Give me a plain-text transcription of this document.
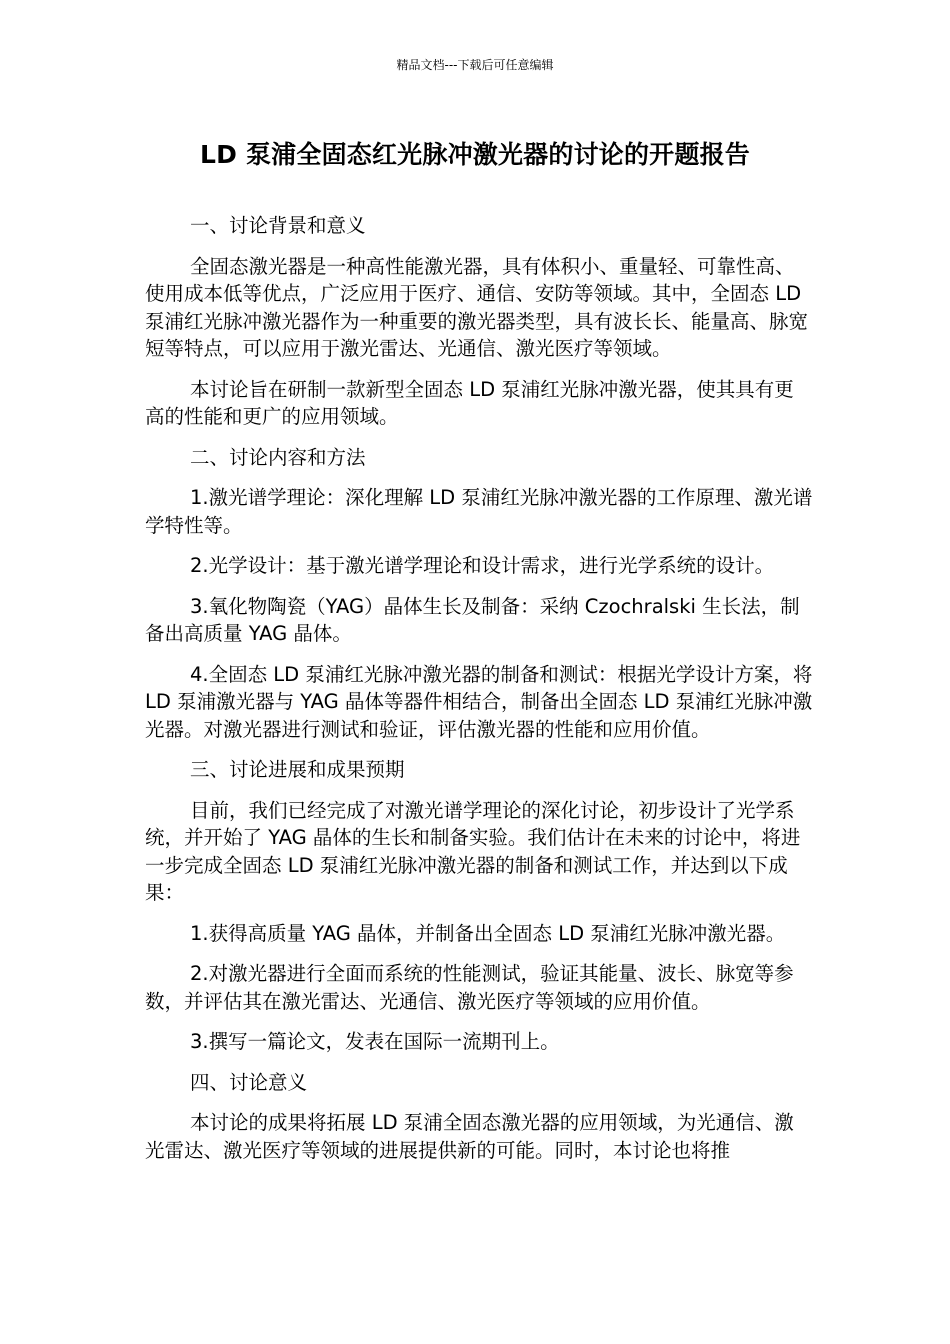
精品文档---下载后可任意编辑
LD 泵浦全固态红光脉冲激光器的讨论的开题报告

一、讨论背景和意义

全固态激光器是一种高性能激光器，具有体积小、重量轻、可靠性高、使用成本低等优点，广泛应用于医疗、通信、安防等领域。其中，全固态 LD 泵浦红光脉冲激光器作为一种重要的激光器类型，具有波长长、能量高、脉宽短等特点，可以应用于激光雷达、光通信、激光医疗等领域。

本讨论旨在研制一款新型全固态 LD 泵浦红光脉冲激光器，使其具有更高的性能和更广的应用领域。

二、讨论内容和方法

1.激光谱学理论：深化理解 LD 泵浦红光脉冲激光器的工作原理、激光谱学特性等。

2.光学设计：基于激光谱学理论和设计需求，进行光学系统的设计。

3.氧化物陶瓷（YAG）晶体生长及制备：采纳 Czochralski 生长法，制备出高质量 YAG 晶体。

4.全固态 LD 泵浦红光脉冲激光器的制备和测试：根据光学设计方案，将 LD 泵浦激光器与 YAG 晶体等器件相结合，制备出全固态 LD 泵浦红光脉冲激光器。对激光器进行测试和验证，评估激光器的性能和应用价值。

三、讨论进展和成果预期

目前，我们已经完成了对激光谱学理论的深化讨论，初步设计了光学系统，并开始了 YAG 晶体的生长和制备实验。我们估计在未来的讨论中，将进一步完成全固态 LD 泵浦红光脉冲激光器的制备和测试工作，并达到以下成果：

1.获得高质量 YAG 晶体，并制备出全固态 LD 泵浦红光脉冲激光器。

2.对激光器进行全面而系统的性能测试，验证其能量、波长、脉宽等参数，并评估其在激光雷达、光通信、激光医疗等领域的应用价值。

3.撰写一篇论文，发表在国际一流期刊上。

四、讨论意义

本讨论的成果将拓展 LD 泵浦全固态激光器的应用领域，为光通信、激光雷达、激光医疗等领域的进展提供新的可能。同时，本讨论也将推
